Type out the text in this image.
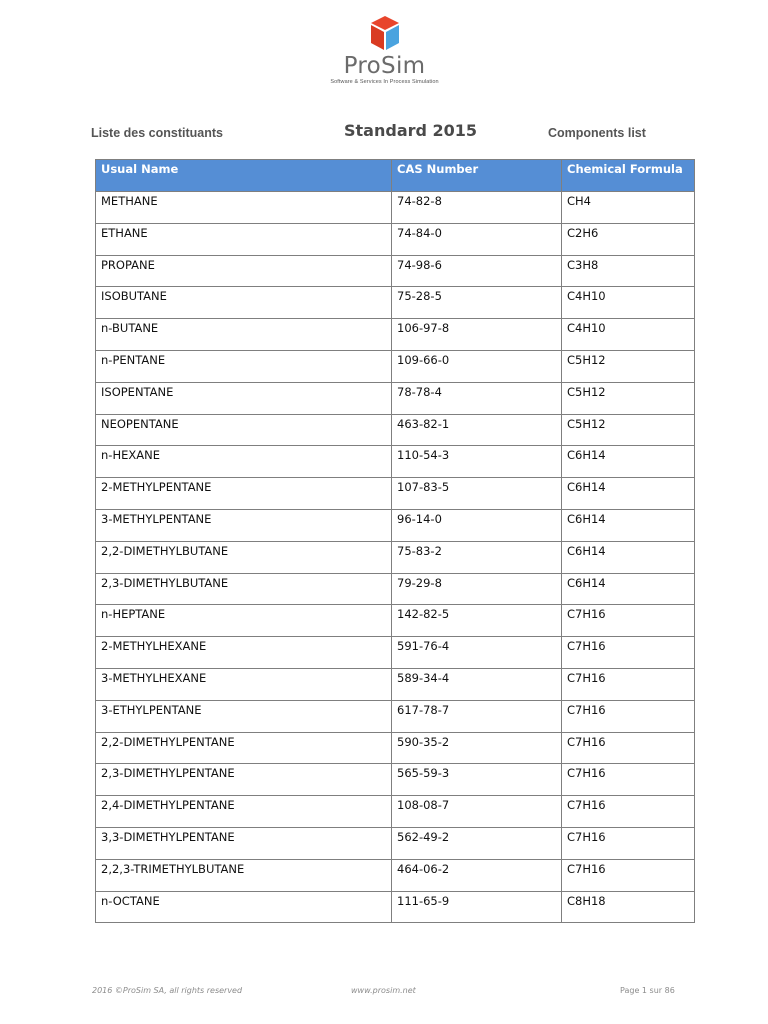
ProSim
Software & Services In Process Simulation
Liste des constituants	Standard 2015	Components list
Usual Name	CAS Number	Chemical Formula
METHANE	74-82-8	CH4
ETHANE	74-84-0	C2H6
PROPANE	74-98-6	C3H8
ISOBUTANE	75-28-5	C4H10
n-BUTANE	106-97-8	C4H10
n-PENTANE	109-66-0	C5H12
ISOPENTANE	78-78-4	C5H12
NEOPENTANE	463-82-1	C5H12
n-HEXANE	110-54-3	C6H14
2-METHYLPENTANE	107-83-5	C6H14
3-METHYLPENTANE	96-14-0	C6H14
2,2-DIMETHYLBUTANE	75-83-2	C6H14
2,3-DIMETHYLBUTANE	79-29-8	C6H14
n-HEPTANE	142-82-5	C7H16
2-METHYLHEXANE	591-76-4	C7H16
3-METHYLHEXANE	589-34-4	C7H16
3-ETHYLPENTANE	617-78-7	C7H16
2,2-DIMETHYLPENTANE	590-35-2	C7H16
2,3-DIMETHYLPENTANE	565-59-3	C7H16
2,4-DIMETHYLPENTANE	108-08-7	C7H16
3,3-DIMETHYLPENTANE	562-49-2	C7H16
2,2,3-TRIMETHYLBUTANE	464-06-2	C7H16
n-OCTANE	111-65-9	C8H18
2016 ©ProSim SA, all rights reserved	www.prosim.net	Page 1 sur 86
